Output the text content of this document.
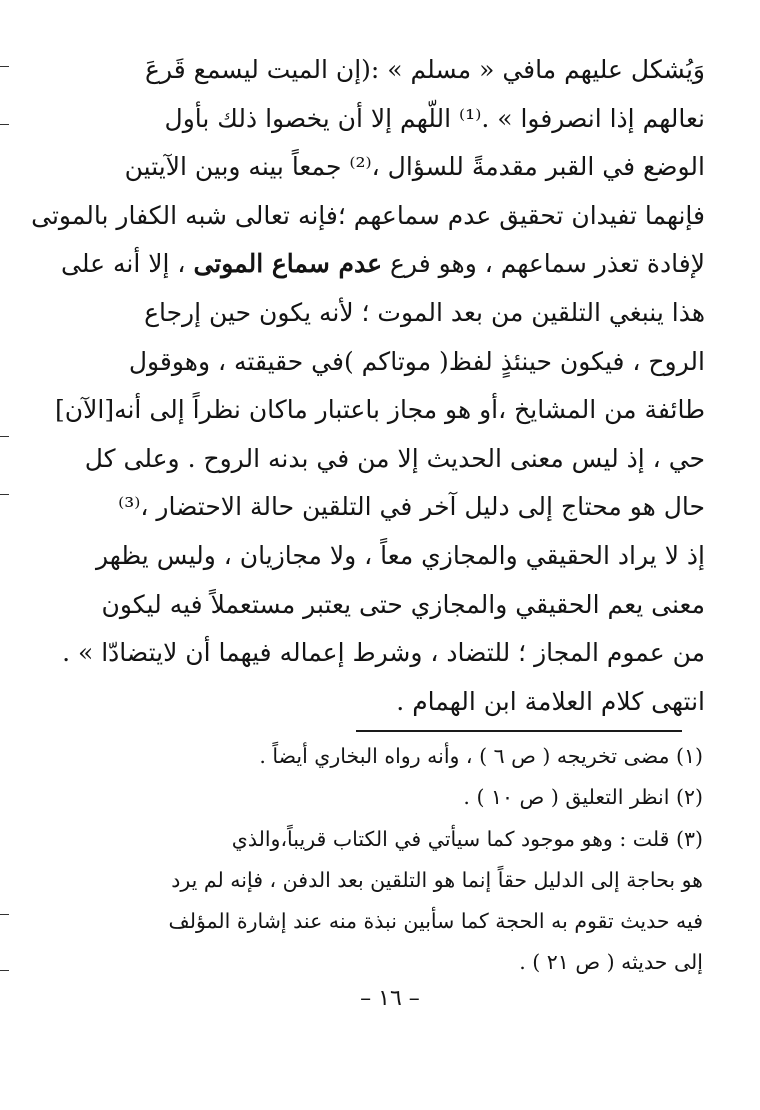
وَيُشكل عليهم مافي « مسلم » :(إن الميت ليسمع قَرعَ
نعالهم إذا انصرفوا » .⁽¹⁾ اللّهم إلا أن يخصوا ذلك بأول
الوضع في القبر مقدمةً للسؤال ،⁽²⁾ جمعاً بينه وبين الآيتين
فإنهما تفيدان تحقيق عدم سماعهم ؛فإنه تعالى شبه الكفار بالموتى
لإفادة تعذر سماعهم ، وهو فرع عدم سماع الموتى ، إلا أنه على
هذا ينبغي التلقين من بعد الموت ؛ لأنه يكون حين إرجاع
الروح ، فيكون حينئذٍ لفظ( موتاكم )في حقيقته ، وهوقول
طائفة من المشايخ ،أو هو مجاز باعتبار ماكان نظراً إلى أنه[الآن]
حي ، إذ ليس معنى الحديث إلا من في بدنه الروح . وعلى كل
حال هو محتاج إلى دليل آخر في التلقين حالة الاحتضار ،⁽³⁾
إذ لا يراد الحقيقي والمجازي معاً ، ولا مجازيان ، وليس يظهر
معنى يعم الحقيقي والمجازي حتى يعتبر مستعملاً فيه ليكون
من عموم المجاز ؛ للتضاد ، وشرط إعماله فيهما أن لايتضادّا » .
انتهى كلام العلامة ابن الهمام .
(١) مضى تخريجه ( ص ٦ ) ، وأنه رواه البخاري أيضاً .
(٢) انظر التعليق ( ص ١٠ ) .
(٣) قلت : وهو موجود كما سيأتي في الكتاب قريباً،والذي
هو بحاجة إلى الدليل حقاً إنما هو التلقين بعد الدفن ، فإنه لم يرد
فيه حديث تقوم به الحجة كما سأبين نبذة منه عند إشارة المؤلف
إلى حديثه ( ص ٢١ ) .
– ١٦ –
